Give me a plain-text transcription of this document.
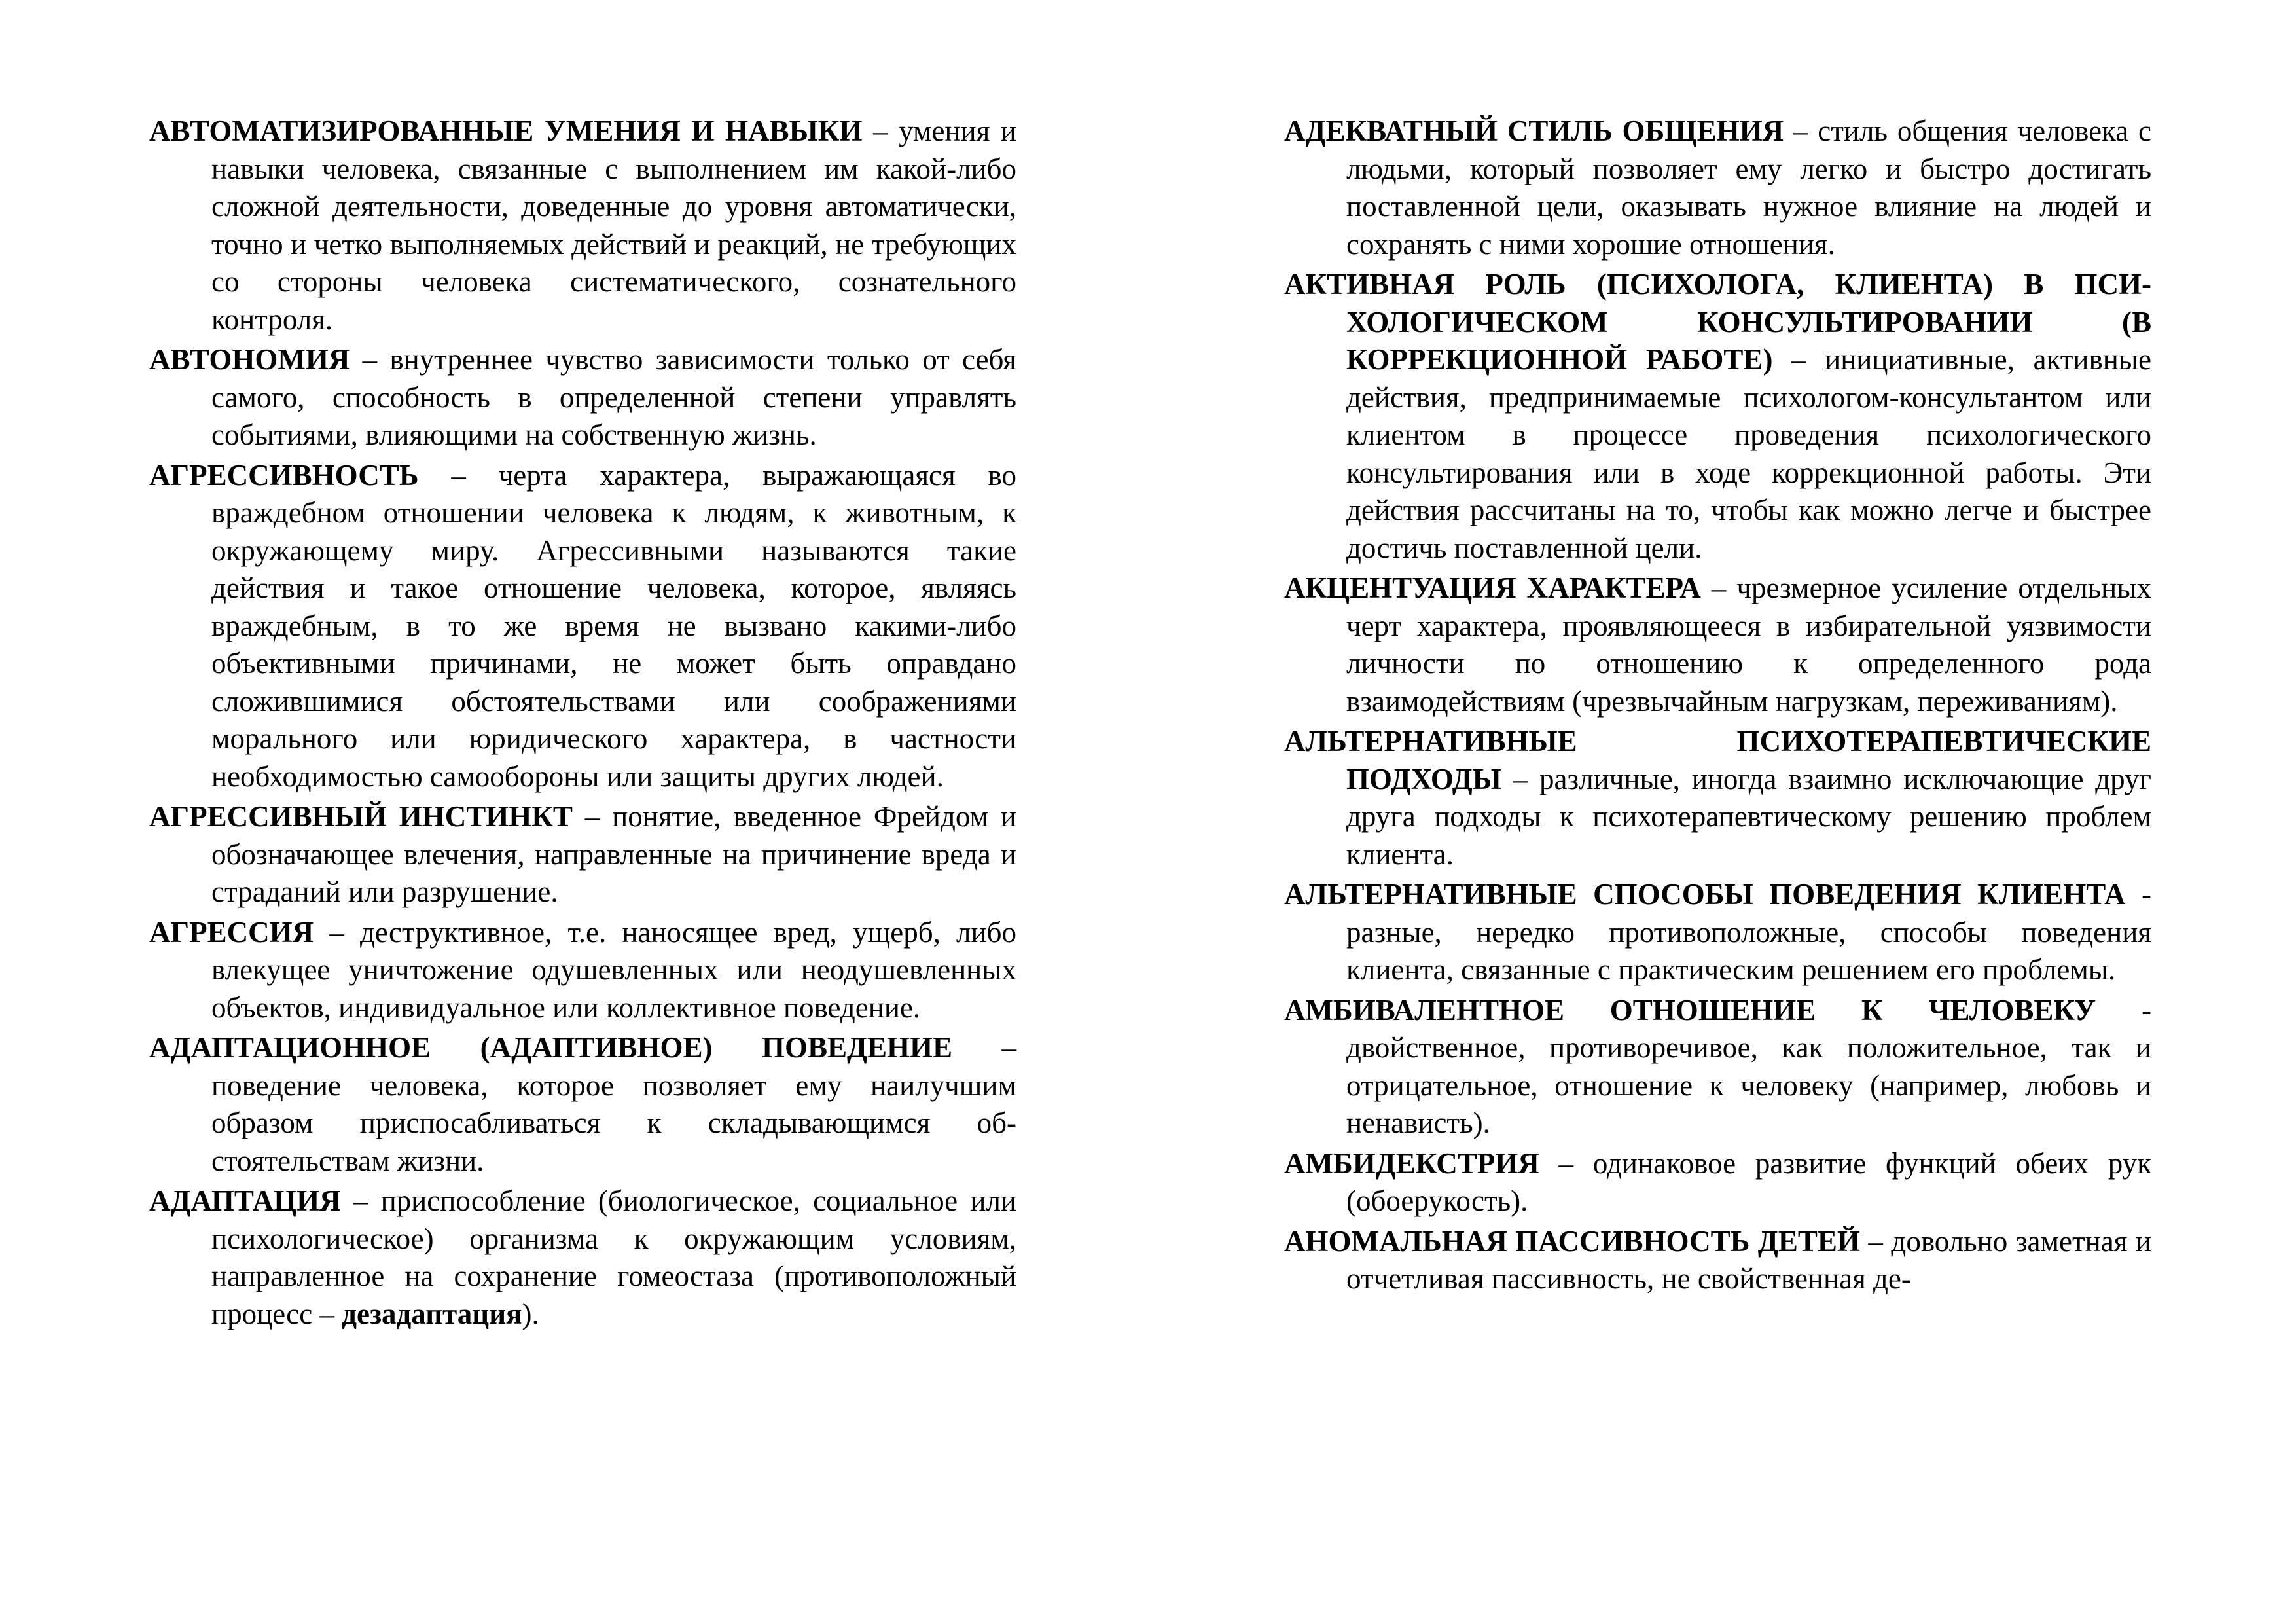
АВТОМАТИЗИРОВАННЫЕ УМЕНИЯ И НАВЫКИ – умения и навыки человека, связанные с выполнением им какой-либо сложной деятельности, доведенные до уровня автоматически, точно и четко выполняемых действий и реакций, не требующих со стороны человека систематического, сознательного контроля.

АВТОНОМИЯ – внутреннее чувство зависимости только от себя самого, способность в определенной степени управлять событиями, влияющими на собственную жизнь.

АГРЕССИВНОСТЬ – черта характера, выражающаяся во враждебном отношении человека к людям, к животным, к окружающему миру. Агрессивными называются такие действия и такое отношение человека, которое, являясь враждебным, в то же время не вызвано какими-либо объективными причинами, не может быть оправдано сложившимися обстоятельствами или соображениями морального или юридического характера, в частности необходимостью самообороны или защиты других людей.

АГРЕССИВНЫЙ ИНСТИНКТ – понятие, введенное Фрейдом и обозначающее влечения, направленные на причинение вреда и страданий или разрушение.

АГРЕССИЯ – деструктивное, т.е. наносящее вред, ущерб, либо влекущее уничтожение одушевленных или неодушевленных объектов, индивидуальное или коллективное поведение.

АДАПТАЦИОННОЕ (АДАПТИВНОЕ) ПОВЕДЕНИЕ – поведение человека, которое позволяет ему наилучшим образом приспосабливаться к складывающимся обстоятельствам жизни.

АДАПТАЦИЯ – приспособление (биологическое, социальное или психологическое) организма к окружающим условиям, направленное на сохранение гомеостаза (противоположный процесс – дезадаптация).

АДЕКВАТНЫЙ СТИЛЬ ОБЩЕНИЯ – стиль общения человека с людьми, который позволяет ему легко и быстро достигать поставленной цели, оказывать нужное влияние на людей и сохранять с ними хорошие отношения.

АКТИВНАЯ РОЛЬ (ПСИХОЛОГА, КЛИЕНТА) В ПСИХОЛОГИЧЕСКОМ КОНСУЛЬТИРОВАНИИ (В КОРРЕКЦИОННОЙ РАБОТЕ) – инициативные, активные действия, предпринимаемые психологом-консультантом или клиентом в процессе проведения психологического консультирования или в ходе коррекционной работы. Эти действия рассчитаны на то, чтобы как можно легче и быстрее достичь поставленной цели.

АКЦЕНТУАЦИЯ ХАРАКТЕРА – чрезмерное усиление отдельных черт характера, проявляющееся в избирательной уязвимости личности по отношению к определенного рода взаимодействиям (чрезвычайным нагрузкам, переживаниям).

АЛЬТЕРНАТИВНЫЕ ПСИХОТЕРАПЕВТИЧЕСКИЕ ПОДХОДЫ – различные, иногда взаимно исключающие друг друга подходы к психотерапевтическому решению проблем клиента.

АЛЬТЕРНАТИВНЫЕ СПОСОБЫ ПОВЕДЕНИЯ КЛИЕНТА - разные, нередко противоположные, способы поведения клиента, связанные с практическим решением его проблемы.

АМБИВАЛЕНТНОЕ ОТНОШЕНИЕ К ЧЕЛОВЕКУ - двойственное, противоречивое, как положительное, так и отрицательное, отношение к человеку (например, любовь и ненависть).

АМБИДЕКСТРИЯ – одинаковое развитие функций обеих рук (обоерукость).

АНОМАЛЬНАЯ ПАССИВНОСТЬ ДЕТЕЙ – довольно заметная и отчетливая пассивность, не свойственная де-
